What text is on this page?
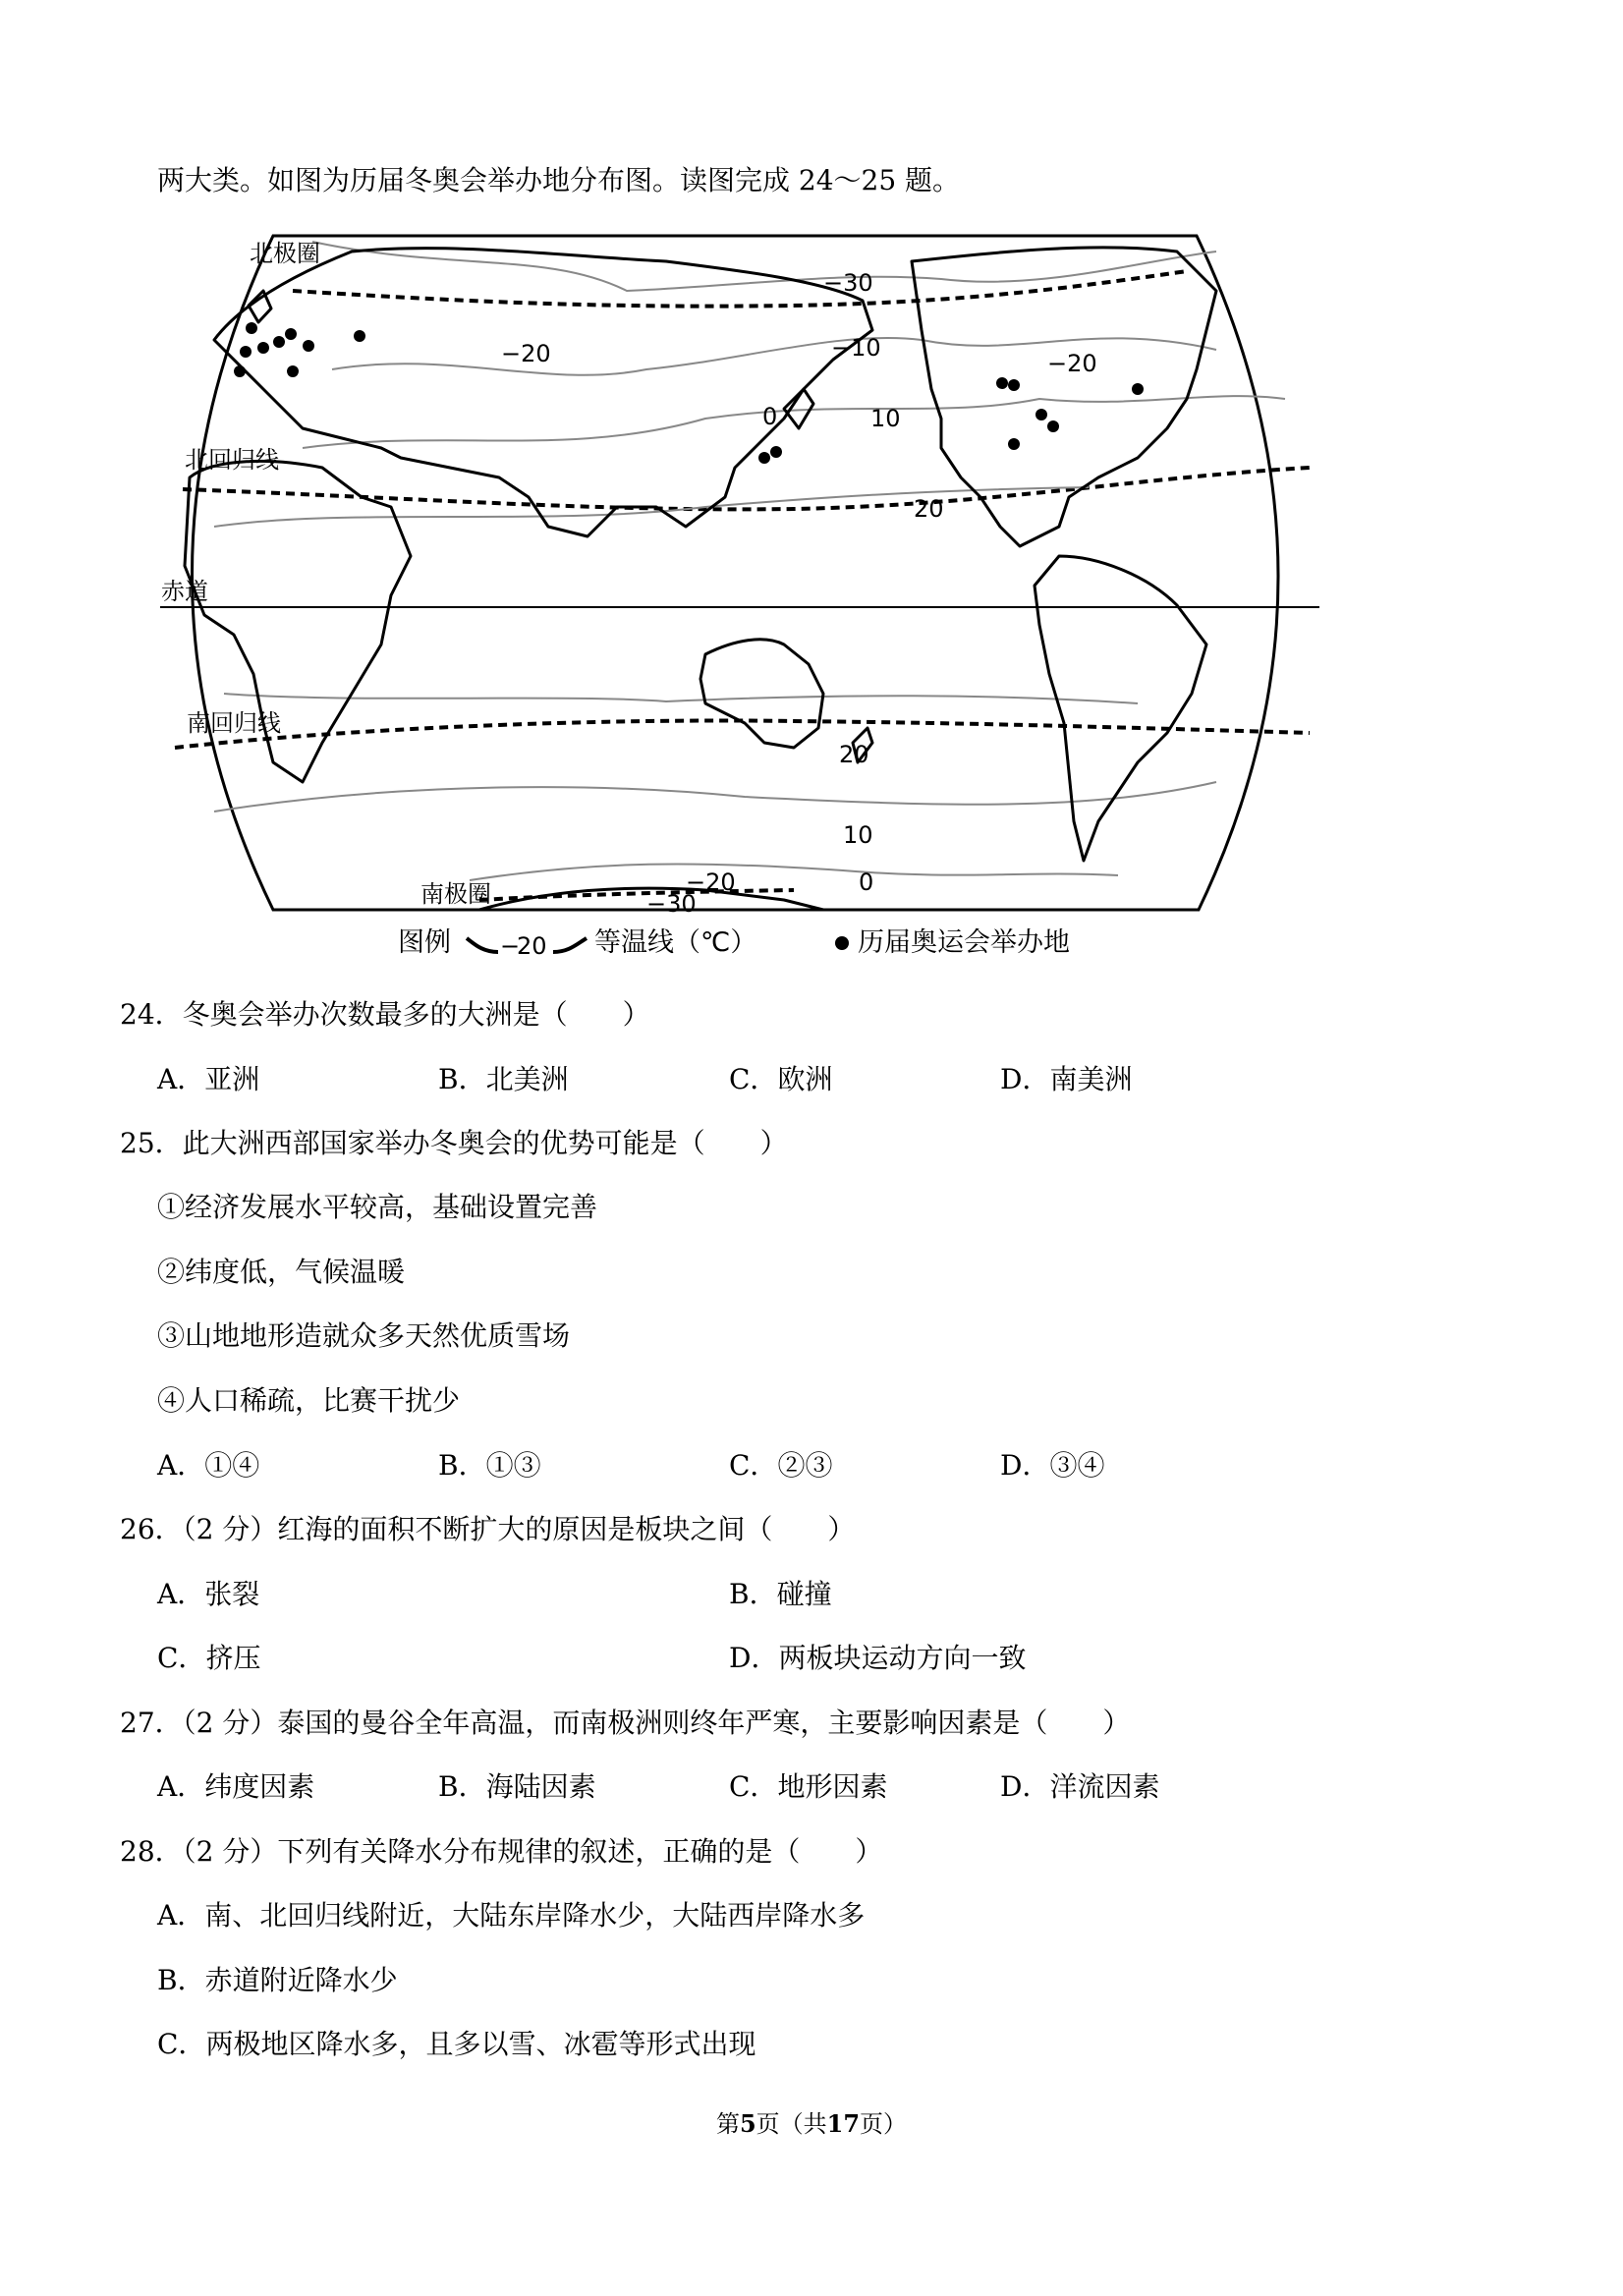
两大类。如图为历届冬奥会举办地分布图。读图完成 24～25 题。
北极圈
北回归线
赤道
南回归线
南极圈
−30
−20	−10
0	10
−20
20
20
10
−20	0
−30
图例 −
20 等温线（℃）	历届奥运会举办地
24．冬奥会举办次数最多的大洲是（　　）
A．亚洲	B．北美洲	C．欧洲	D．南美洲
25．此大洲西部国家举办冬奥会的优势可能是（　　）
①经济发展水平较高，基础设置完善
②纬度低，气候温暖
③山地地形造就众多天然优质雪场
④人口稀疏，比赛干扰少
A．①④	B．①③	C．②③	D．③④
26．（2 分）红海的面积不断扩大的原因是板块之间（　　）
A．张裂	B．碰撞
C．挤压	D．两板块运动方向一致
27．（2 分）泰国的曼谷全年高温，而南极洲则终年严寒，主要影响因素是（　　）
A．纬度因素	B．海陆因素	C．地形因素	D．洋流因素
28．（2 分）下列有关降水分布规律的叙述，正确的是（　　）
A．南、北回归线附近，大陆东岸降水少，大陆西岸降水多
B．赤道附近降水少
C．两极地区降水多，且多以雪、冰雹等形式出现
第5页（共17页）
